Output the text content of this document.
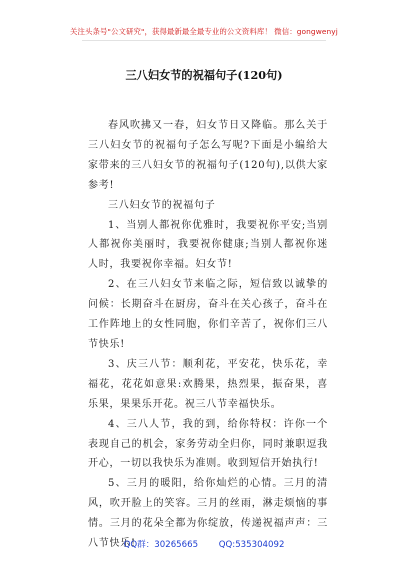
关注头条号"公文研究"，获得最新最全最专业的公文资料库！ 微信：gongwenyj
三八妇女节的祝福句子(120句)

春风吹拂又一春，妇女节日又降临。那么关于三八妇女节的祝福句子怎么写呢?下面是小编给大家带来的三八妇女节的祝福句子(120句),以供大家参考!

三八妇女节的祝福句子

1、当别人都祝你优雅时，我要祝你平安;当别人都祝你美丽时，我要祝你健康;当别人都祝你迷人时，我要祝你幸福。妇女节!

2、在三八妇女节来临之际，短信致以诚挚的问候：长期奋斗在厨房，奋斗在关心孩子，奋斗在工作阵地上的女性同胞，你们辛苦了，祝你们三八节快乐!

3、庆三八节：顺利花，平安花，快乐花，幸福花，花花如意果:欢腾果，热烈果，振奋果，喜乐果，果果乐开花。祝三八节幸福快乐。

4、三八人节，我的到，给你特权：许你一个表现自己的机会，家务劳动全归你，同时兼职逗我开心，一切以我快乐为准则。收到短信开始执行!

5、三月的暖阳，给你灿烂的心情。三月的清风，吹开脸上的笑容。三月的丝雨，淋走烦恼的事情。三月的花朵全都为你绽放，传递祝福声声：三八节快乐!

QQ群：30265665 QQ:535304092
